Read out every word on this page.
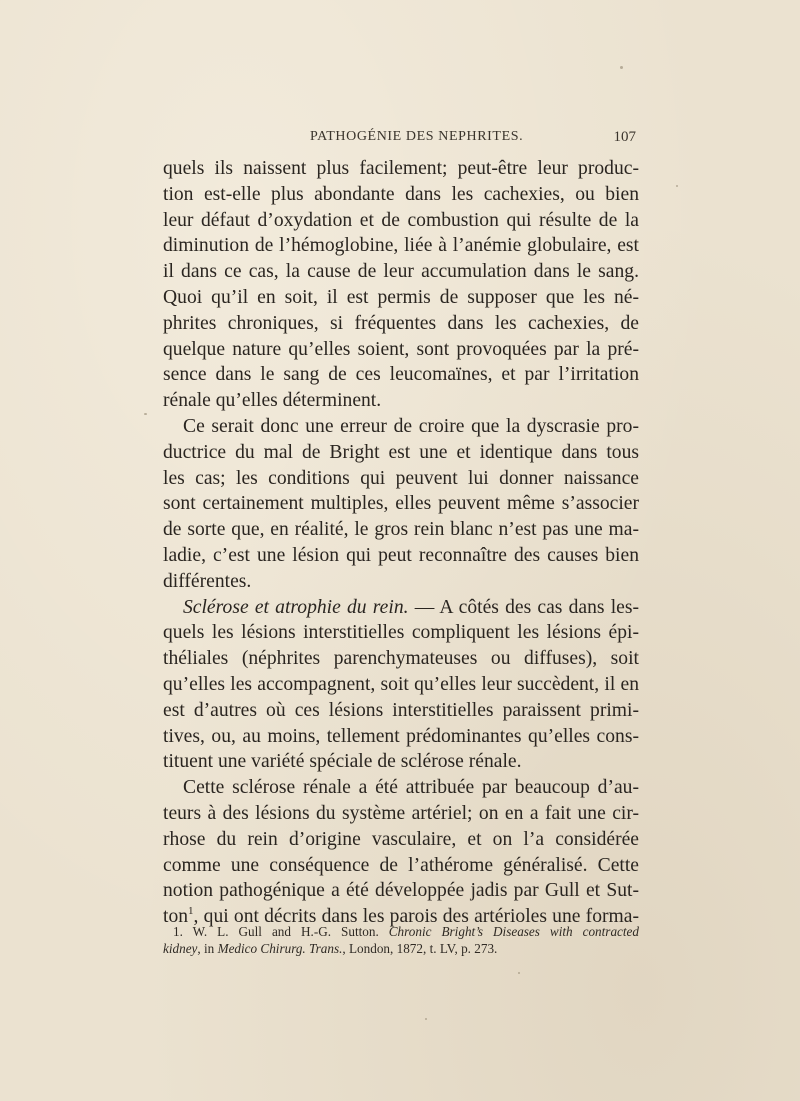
PATHOGÉNIE DES NEPHRITES.	107
quels ils naissent plus facilement; peut-être leur produc-
tion est-elle plus abondante dans les cachexies, ou bien
leur défaut d’oxydation et de combustion qui résulte de la
diminution de l’hémoglobine, liée à l’anémie globulaire, est
il dans ce cas, la cause de leur accumulation dans le sang.
Quoi qu’il en soit, il est permis de supposer que les né-
phrites chroniques, si fréquentes dans les cachexies, de
quelque nature qu’elles soient, sont provoquées par la pré-
sence dans le sang de ces leucomaïnes, et par l’irritation
rénale qu’elles déterminent.
Ce serait donc une erreur de croire que la dyscrasie pro-
ductrice du mal de Bright est une et identique dans tous
les cas; les conditions qui peuvent lui donner naissance
sont certainement multiples, elles peuvent même s’associer
de sorte que, en réalité, le gros rein blanc n’est pas une ma-
ladie, c’est une lésion qui peut reconnaître des causes bien
différentes.
Sclérose et atrophie du rein. — A côtés des cas dans les-
quels les lésions interstitielles compliquent les lésions épi-
théliales (néphrites parenchymateuses ou diffuses), soit
qu’elles les accompagnent, soit qu’elles leur succèdent, il en
est d’autres où ces lésions interstitielles paraissent primi-
tives, ou, au moins, tellement prédominantes qu’elles cons-
tituent une variété spéciale de sclérose rénale.
Cette sclérose rénale a été attribuée par beaucoup d’au-
teurs à des lésions du système artériel; on en a fait une cir-
rhose du rein d’origine vasculaire, et on l’a considérée
comme une conséquence de l’athérome généralisé. Cette
notion pathogénique a été développée jadis par Gull et Sut-
ton$^1$, qui ont décrits dans les parois des artérioles une forma-
1. W. L. Gull and H.-G. Sutton. Chronic Bright’s Diseases with contracted
kidney, in Medico Chirurg. Trans., London, 1872, t. LV, p. 273.
